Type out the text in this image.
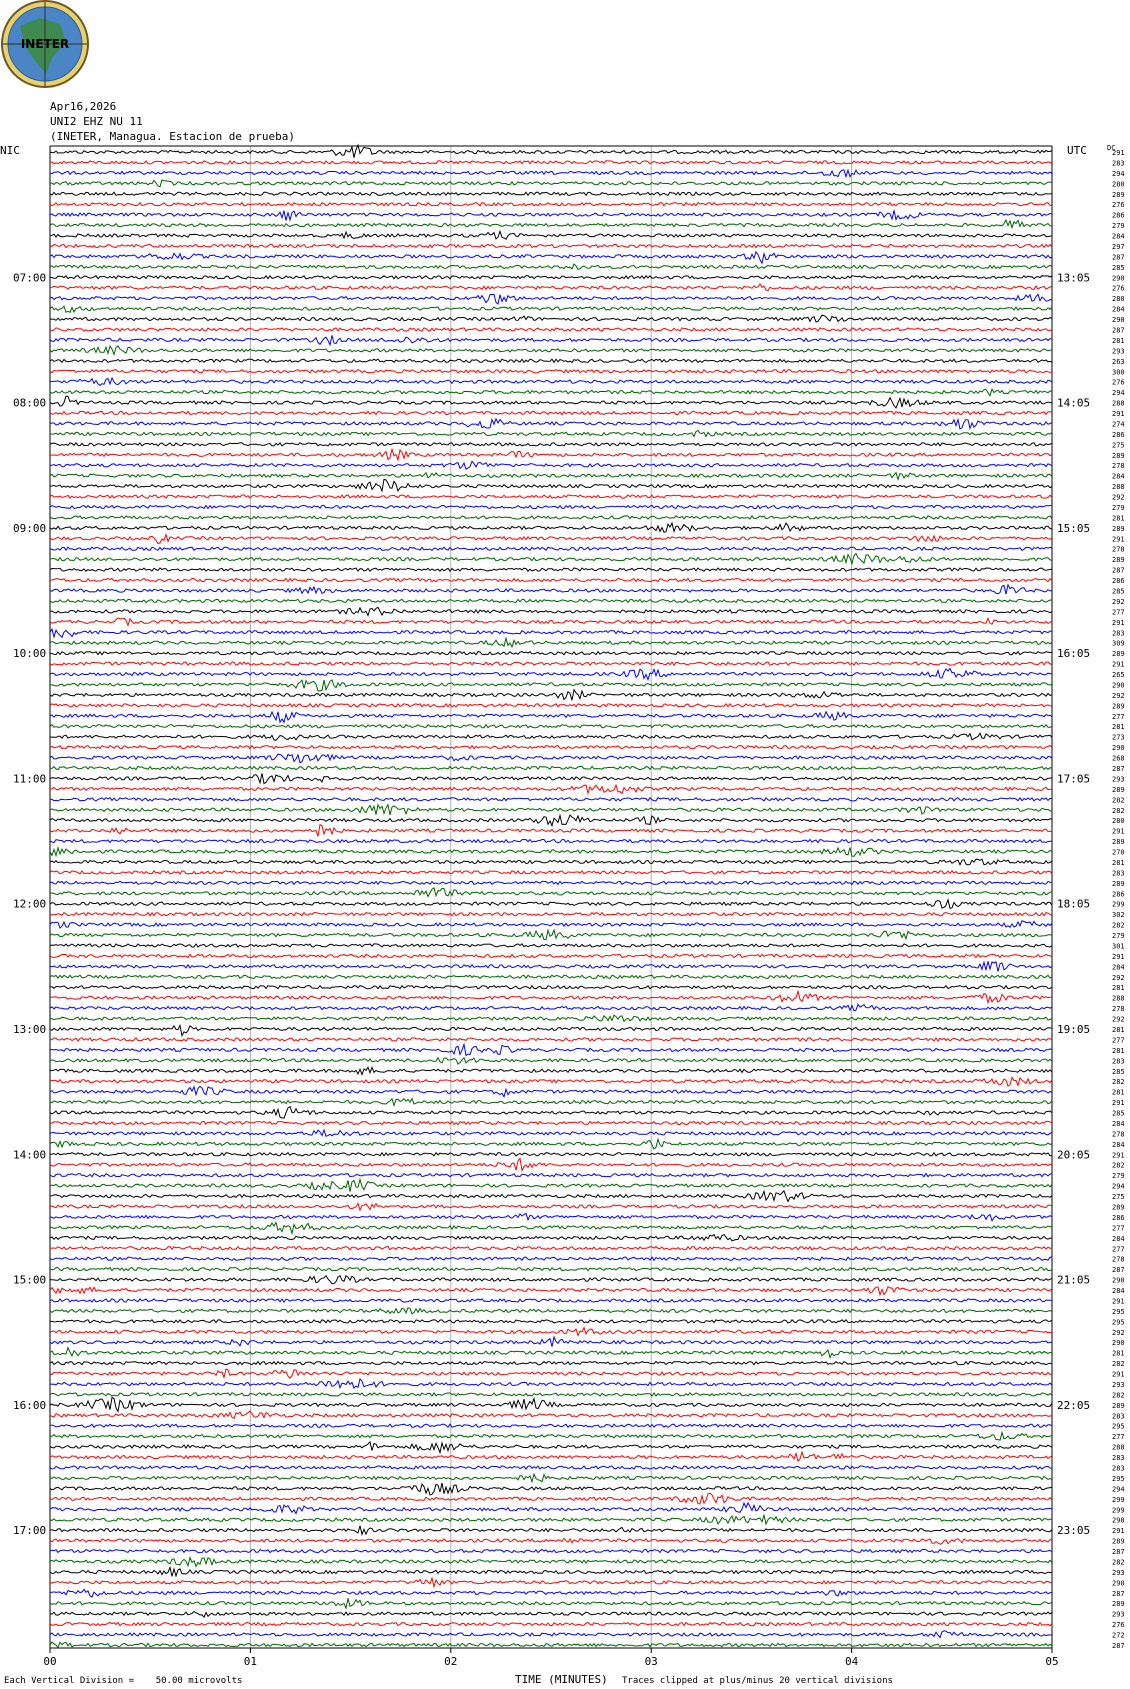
INETER
Apr16,2026
UNI2 EHZ NU 11
(INETER, Managua. Estacion de prueba)
NIC	UTC	DC
291
283
294
280
289
276
286
279
284
297
287
285
290
276
280
284
290
287
281
293
263
300
276
294
288
291
274
286
275
289
278
284
288
292
279
281
289
291
278
289
287
286
285
292
277
291
283
309
289
291
265
290
292
289
277
281
273
290
268
287
293
289
282
282
280
291
289
270
281
283
289
286
299
302
282
279
301
291
284
292
281
288
278
292
281
277
281
283
285
282
281
291
285
284
278
284
291
282
279
294
275
289
286
277
284
277
278
287
290
284
291
295
295
292
290
281
282
291
293
282
289
283
295
277
288
283
283
295
294
299
299
298
291
289
287
282
293
290
287
289
293
276
272
287
07:00
08:00
09:00
10:00
11:00
12:00
13:00
14:00
15:00
16:00
17:00
13:05
14:05
15:05
16:05
17:05
18:05
19:05
20:05
21:05
22:05
23:05
00	01	02	03	04	05
Each Vertical Division =    50.00 microvolts	TIME (MINUTES) Traces clipped at plus/minus 20 vertical divisions
